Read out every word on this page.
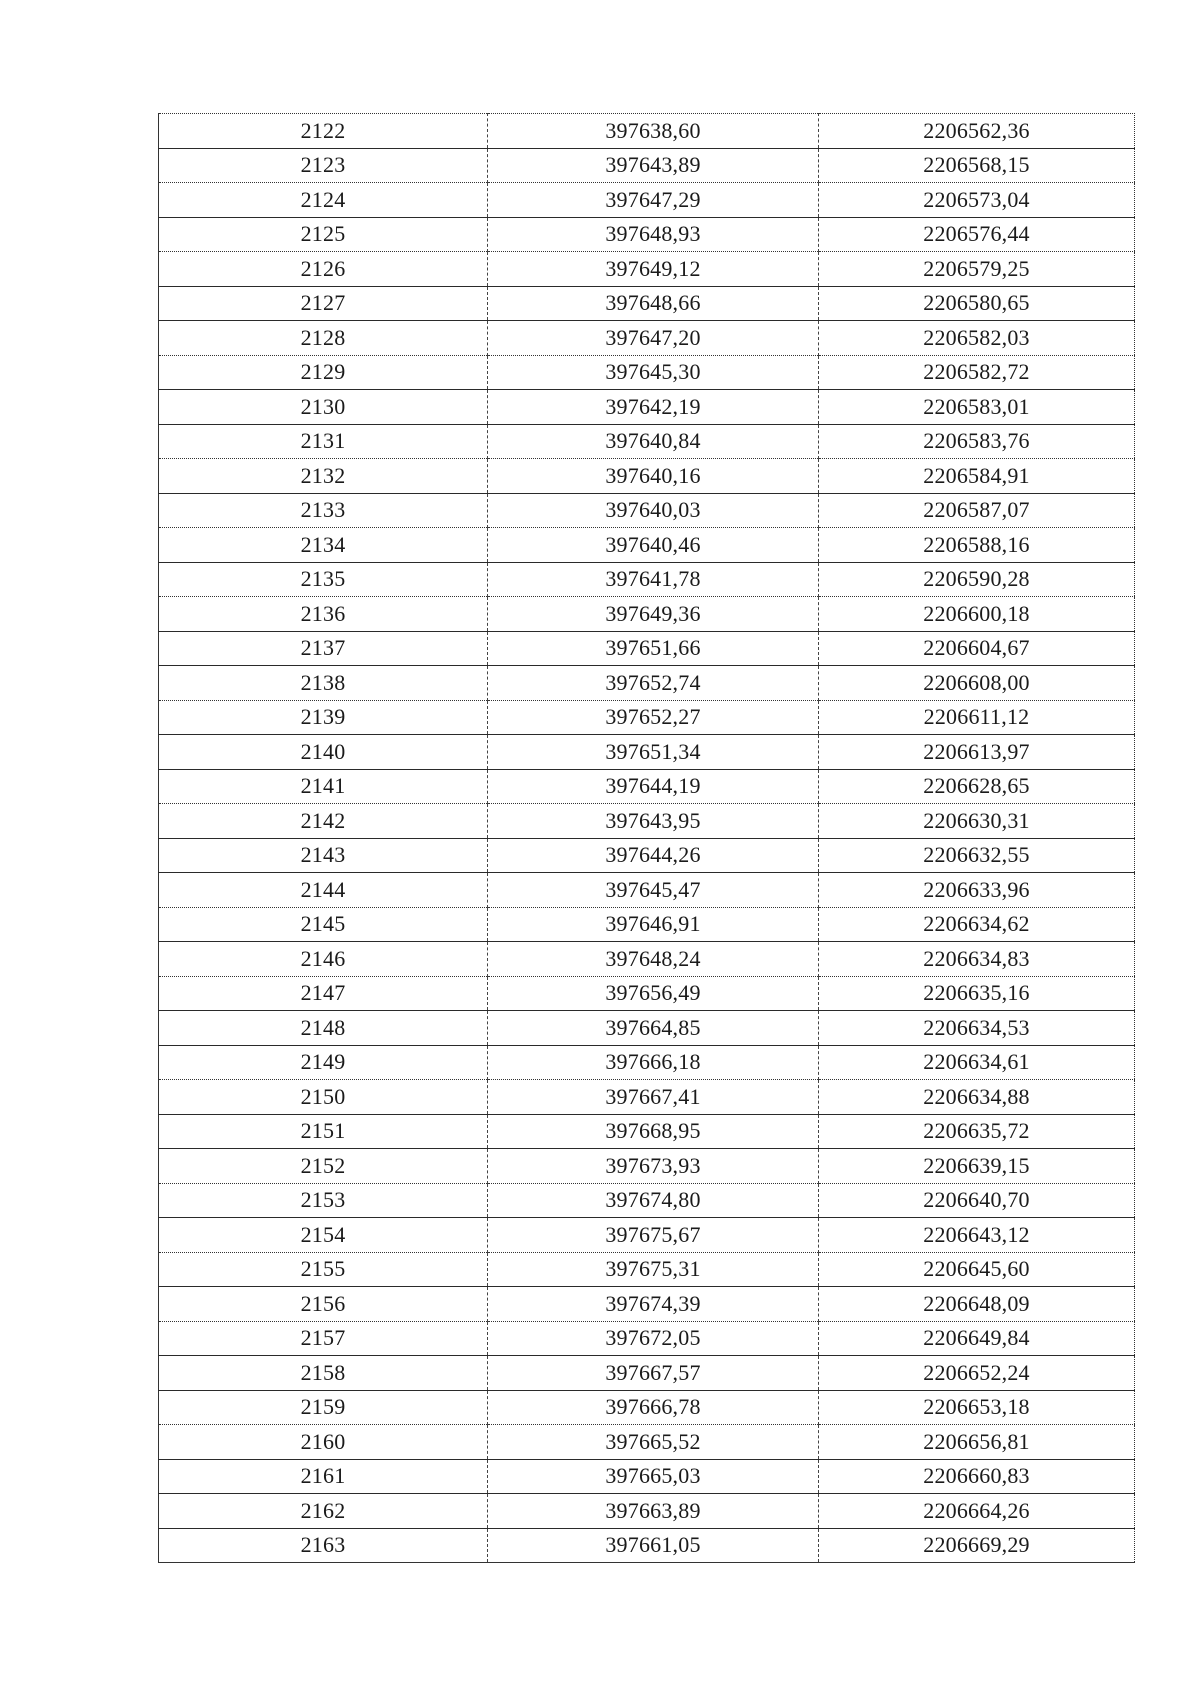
2122	397638,60	2206562,36
2123	397643,89	2206568,15
2124	397647,29	2206573,04
2125	397648,93	2206576,44
2126	397649,12	2206579,25
2127	397648,66	2206580,65
2128	397647,20	2206582,03
2129	397645,30	2206582,72
2130	397642,19	2206583,01
2131	397640,84	2206583,76
2132	397640,16	2206584,91
2133	397640,03	2206587,07
2134	397640,46	2206588,16
2135	397641,78	2206590,28
2136	397649,36	2206600,18
2137	397651,66	2206604,67
2138	397652,74	2206608,00
2139	397652,27	2206611,12
2140	397651,34	2206613,97
2141	397644,19	2206628,65
2142	397643,95	2206630,31
2143	397644,26	2206632,55
2144	397645,47	2206633,96
2145	397646,91	2206634,62
2146	397648,24	2206634,83
2147	397656,49	2206635,16
2148	397664,85	2206634,53
2149	397666,18	2206634,61
2150	397667,41	2206634,88
2151	397668,95	2206635,72
2152	397673,93	2206639,15
2153	397674,80	2206640,70
2154	397675,67	2206643,12
2155	397675,31	2206645,60
2156	397674,39	2206648,09
2157	397672,05	2206649,84
2158	397667,57	2206652,24
2159	397666,78	2206653,18
2160	397665,52	2206656,81
2161	397665,03	2206660,83
2162	397663,89	2206664,26
2163	397661,05	2206669,29
